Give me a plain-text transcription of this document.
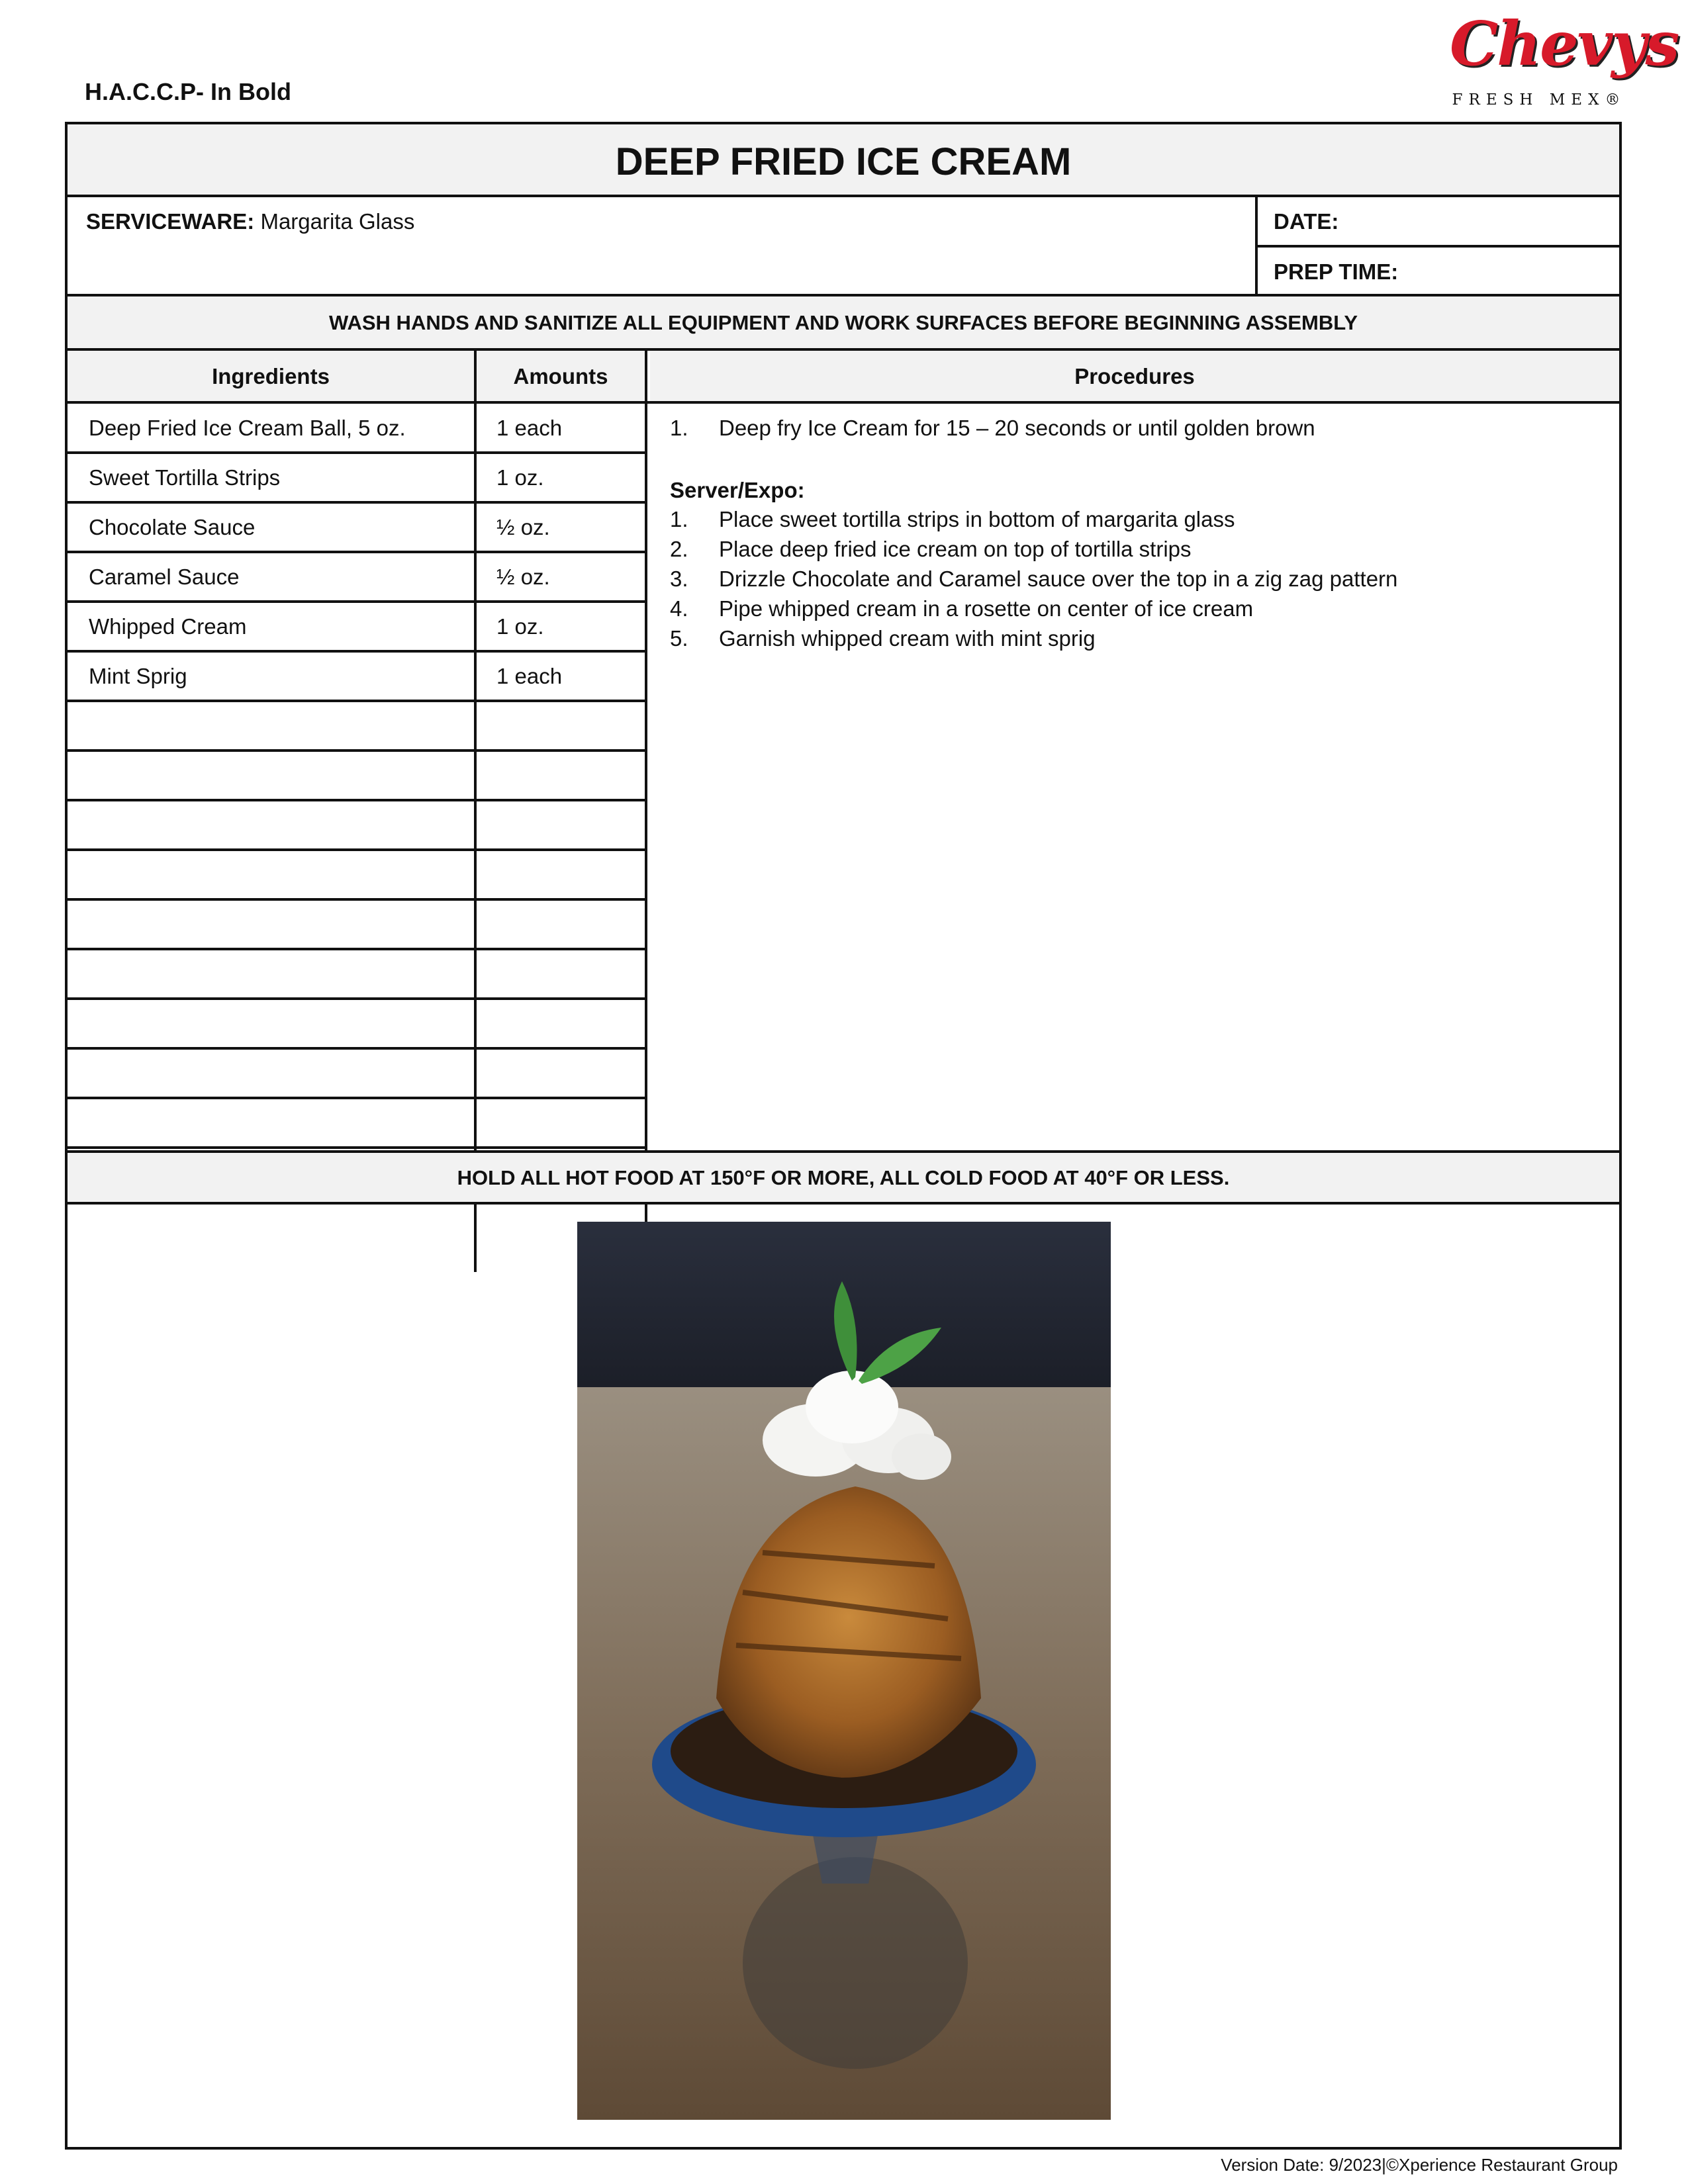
H.A.C.C.P- In Bold
Chevys
FRESH MEX®
DEEP FRIED ICE CREAM
SERVICEWARE: Margarita Glass	DATE:
PREP TIME:
WASH HANDS AND SANITIZE ALL EQUIPMENT AND WORK SURFACES BEFORE BEGINNING ASSEMBLY
Ingredients	Amounts	Procedures
Deep Fried Ice Cream Ball, 5 oz.	1 each
Sweet Tortilla Strips	1 oz.
Chocolate Sauce	½ oz.
Caramel Sauce	½ oz.
Whipped Cream	1 oz.
Mint Sprig	1 each
1. Deep fry Ice Cream for 15 – 20 seconds or until golden brown
Server/Expo:
1. Place sweet tortilla strips in bottom of margarita glass
2. Place deep fried ice cream on top of tortilla strips
3. Drizzle Chocolate and Caramel sauce over the top in a zig zag pattern
4. Pipe whipped cream in a rosette on center of ice cream
5. Garnish whipped cream with mint sprig
HOLD ALL HOT FOOD AT 150°F OR MORE, ALL COLD FOOD AT 40°F OR LESS.
Version Date: 9/2023|©Xperience Restaurant Group
